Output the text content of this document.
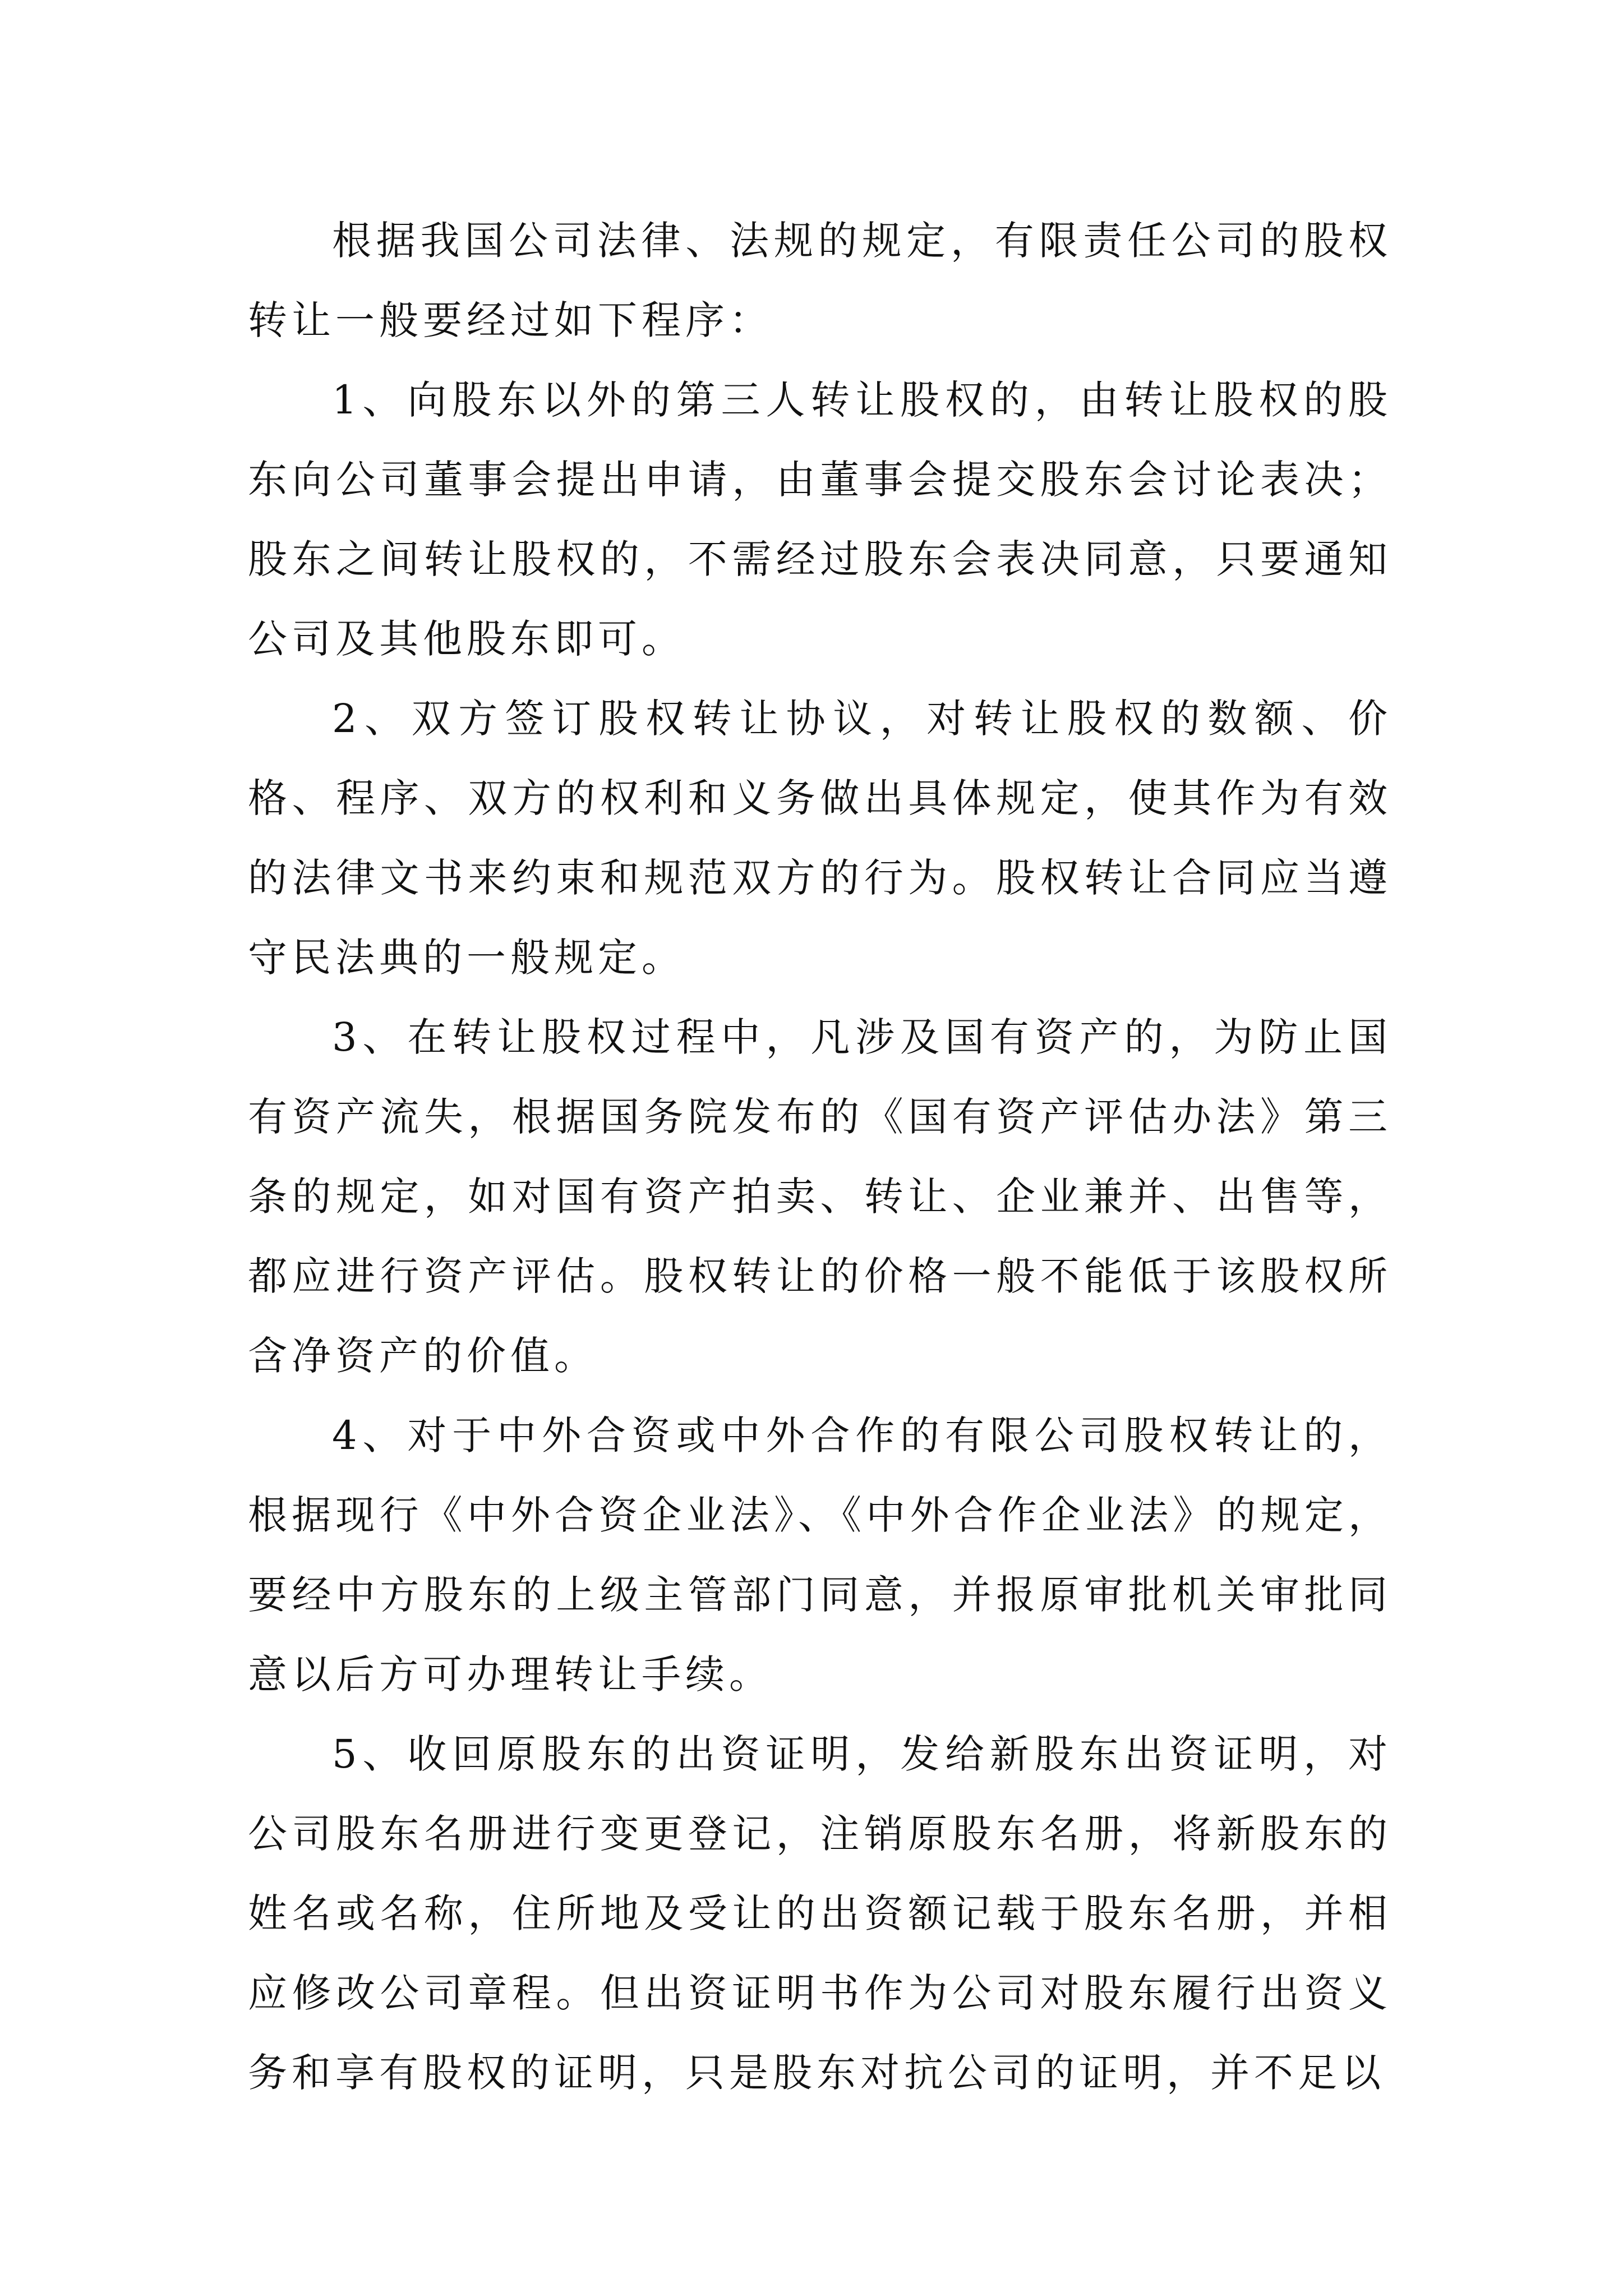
根据我国公司法律、法规的规定，有限责任公司的股权转让一般要经过如下程序：

1、向股东以外的第三人转让股权的，由转让股权的股东向公司董事会提出申请，由董事会提交股东会讨论表决；股东之间转让股权的，不需经过股东会表决同意，只要通知公司及其他股东即可。

2、双方签订股权转让协议，对转让股权的数额、价格、程序、双方的权利和义务做出具体规定，使其作为有效的法律文书来约束和规范双方的行为。股权转让合同应当遵守民法典的一般规定。

3、在转让股权过程中，凡涉及国有资产的，为防止国有资产流失，根据国务院发布的《国有资产评估办法》第三条的规定，如对国有资产拍卖、转让、企业兼并、出售等，都应进行资产评估。股权转让的价格一般不能低于该股权所含净资产的价值。

4、对于中外合资或中外合作的有限公司股权转让的，根据现行《中外合资企业法》、《中外合作企业法》的规定，要经中方股东的上级主管部门同意，并报原审批机关审批同意以后方可办理转让手续。

5、收回原股东的出资证明，发给新股东出资证明，对公司股东名册进行变更登记，注销原股东名册，将新股东的姓名或名称，住所地及受让的出资额记载于股东名册，并相应修改公司章程。但出资证明书作为公司对股东履行出资义务和享有股权的证明，只是股东对抗公司的证明，并不足以
